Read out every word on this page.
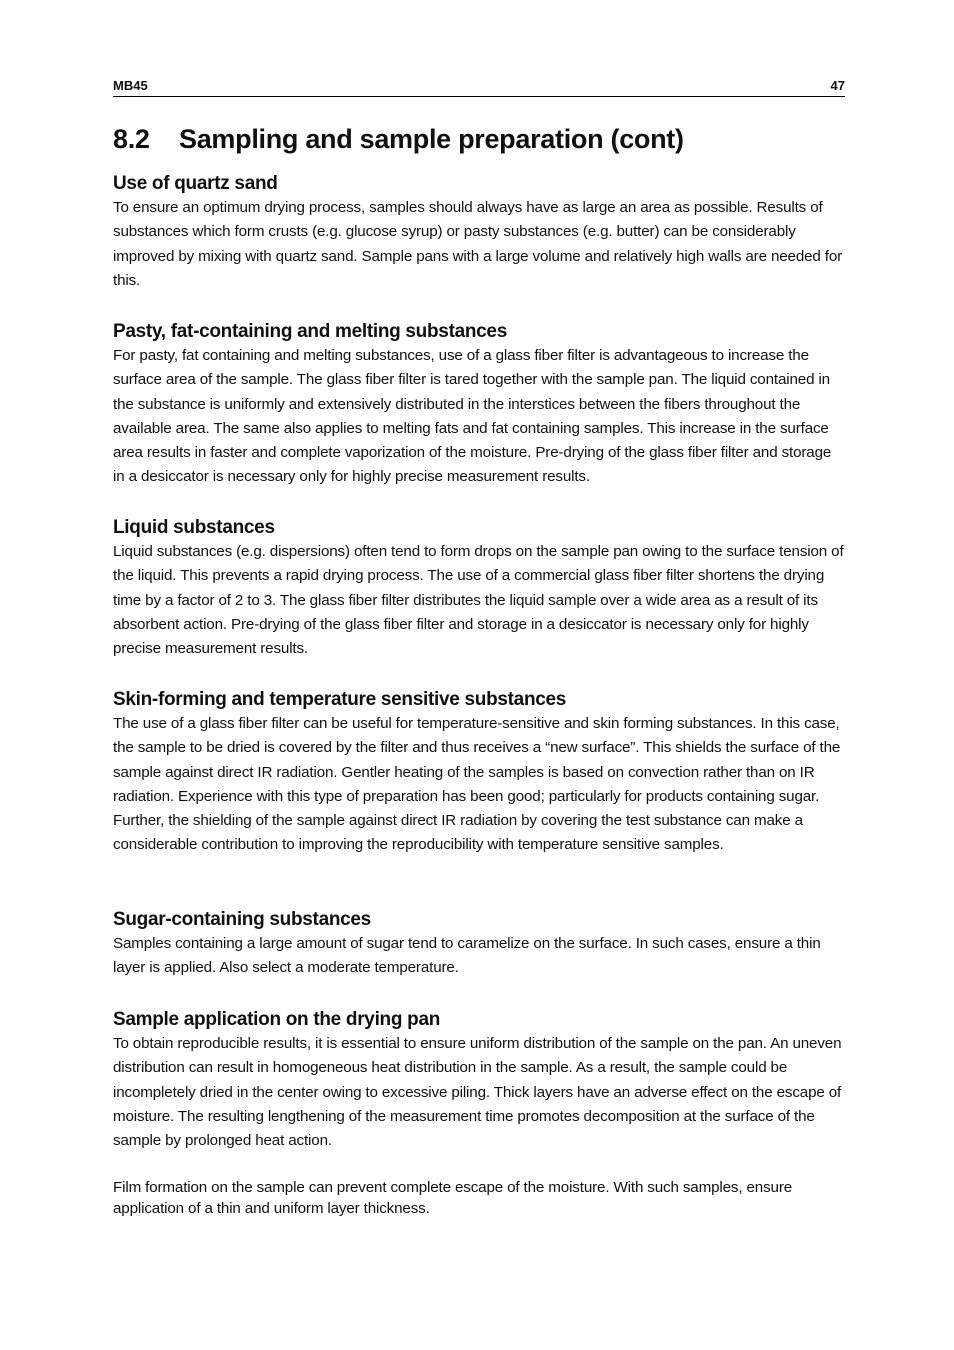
MB45	47
8.2 Sampling and sample preparation (cont)
Use of quartz sand

To ensure an optimum drying process, samples should always have as large an area as possible. Results of substances which form crusts (e.g. glucose syrup) or pasty substances (e.g. butter) can be considerably improved by mixing with quartz sand. Sample pans with a large volume and relatively high walls are needed for this.

Pasty, fat-containing and melting substances

For pasty, fat containing and melting substances, use of a glass fiber filter is advantageous to increase the surface area of the sample. The glass fiber filter is tared together with the sample pan. The liquid contained in the substance is uniformly and extensively distributed in the interstices between the fibers throughout the available area. The same also applies to melting fats and fat containing samples. This increase in the surface area results in faster and complete vaporization of the moisture. Pre-drying of the glass fiber filter and storage in a desiccator is necessary only for highly precise measurement results.

Liquid substances

Liquid substances (e.g. dispersions) often tend to form drops on the sample pan owing to the surface tension of the liquid. This prevents a rapid drying process. The use of a commercial glass fiber filter shortens the drying time by a factor of 2 to 3. The glass fiber filter distributes the liquid sample over a wide area as a result of its absorbent action. Pre-drying of the glass fiber filter and storage in a desiccator is necessary only for highly precise measurement results.

Skin-forming and temperature sensitive substances

The use of a glass fiber filter can be useful for temperature-sensitive and skin forming substances. In this case, the sample to be dried is covered by the filter and thus receives a “new surface”. This shields the surface of the sample against direct IR radiation. Gentler heating of the samples is based on convection rather than on IR radiation. Experience with this type of preparation has been good; particularly for products containing sugar. Further, the shielding of the sample against direct IR radiation by covering the test substance can make a considerable contribution to improving the reproducibility with temperature sensitive samples.

Sugar-containing substances

Samples containing a large amount of sugar tend to caramelize on the surface. In such cases, ensure a thin layer is applied. Also select a moderate temperature.

Sample application on the drying pan

To obtain reproducible results, it is essential to ensure uniform distribution of the sample on the pan. An uneven distribution can result in homogeneous heat distribution in the sample. As a result, the sample could be incompletely dried in the center owing to excessive piling. Thick layers have an adverse effect on the escape of moisture. The resulting lengthening of the measurement time promotes decomposition at the surface of the sample by prolonged heat action.

Film formation on the sample can prevent complete escape of the moisture. With such samples, ensure application of a thin and uniform layer thickness.
